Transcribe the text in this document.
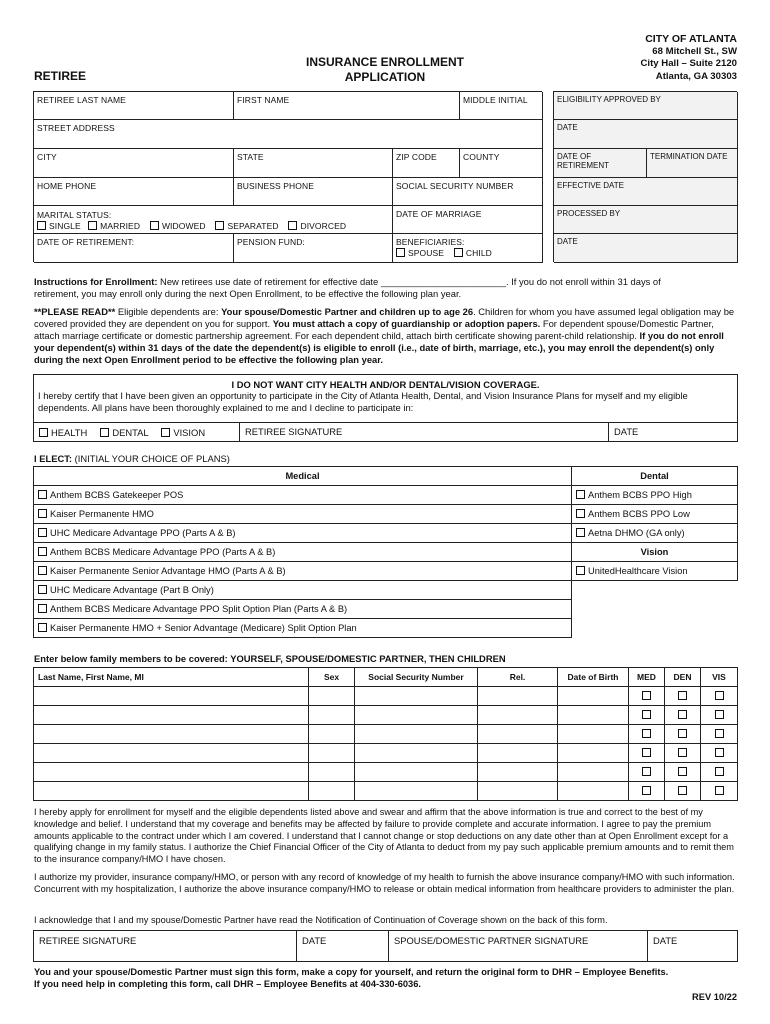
RETIREE
INSURANCE ENROLLMENT
APPLICATION
CITY OF ATLANTA
68 Mitchell St., SW
City Hall – Suite 2120
Atlanta, GA 30303
RETIREE LAST NAME	FIRST NAME	MIDDLE INITIAL
STREET ADDRESS
CITY	STATE	ZIP CODE	COUNTY
HOME PHONE	BUSINESS PHONE	SOCIAL SECURITY NUMBER
MARITAL STATUS:
SINGLE MARRIED	WIDOWED	SEPARATED	DIVORCED
DATE OF MARRIAGE
DATE OF RETIREMENT:	PENSION FUND:	BENEFICIARIES:
SPOUSE	CHILD
ELIGIBILITY APPROVED BY
DATE
DATE OF RETIREMENT
TERMINATION DATE
EFFECTIVE DATE
PROCESSED BY
DATE
Instructions for Enrollment: New retirees use date of retirement for effective date ________________________. If you do not enroll within 31 days of
retirement, you may enroll only during the next Open Enrollment, to be effective the following plan year.
**PLEASE READ** Eligible dependents are: Your spouse/Domestic Partner and children up to age 26. Children for whom you have assumed legal obligation may be covered provided they are dependent on you for support. You must attach a copy of guardianship or adoption papers. For dependent spouse/Domestic Partner, attach marriage certificate or domestic partnership agreement. For each dependent child, attach birth certificate showing parent-child relationship. If you do not enroll your dependent(s) within 31 days of the date the dependent(s) is eligible to enroll (i.e., date of birth, marriage, etc.), you may enroll the dependent(s) only during the next Open Enrollment period to be effective the following plan year.
I DO NOT WANT CITY HEALTH AND/OR DENTAL/VISION COVERAGE.
I hereby certify that I have been given an opportunity to participate in the City of Atlanta Health, Dental, and Vision Insurance Plans for myself and my eligible dependents. All plans have been thoroughly explained to me and I decline to participate in:
HEALTH	DENTAL	VISION	RETIREE SIGNATURE	DATE
I ELECT: (INITIAL YOUR CHOICE OF PLANS)
Medical	Dental
Anthem BCBS Gatekeeper POS	Anthem BCBS PPO High
Kaiser Permanente HMO	Anthem BCBS PPO Low
UHC Medicare Advantage PPO (Parts A & B)	Aetna DHMO (GA only)
Anthem BCBS Medicare Advantage PPO (Parts A & B)	Vision
Kaiser Permanente Senior Advantage HMO (Parts A & B)	UnitedHealthcare Vision
UHC Medicare Advantage (Part B Only)	
Anthem BCBS Medicare Advantage PPO Split Option Plan (Parts A & B)	
Kaiser Permanente HMO + Senior Advantage (Medicare) Split Option Plan	
Enter below family members to be covered: YOURSELF, SPOUSE/DOMESTIC PARTNER, THEN CHILDREN
Last Name, First Name, MI	Sex	Social Security Number	Rel.	Date of Birth	MED	DEN	VIS

I hereby apply for enrollment for myself and the eligible dependents listed above and swear and affirm that the above information is true and correct to the best of my knowledge and belief. I understand that my coverage and benefits may be affected by failure to provide complete and accurate information. I agree to pay the premium amounts applicable to the contract under which I am covered. I understand that I cannot change or stop deductions on any date other than at Open Enrollment except for a qualifying change in my family status. I authorize the Chief Financial Officer of the City of Atlanta to deduct from my pay such applicable premium amounts and to remit them to the insurance company/HMO I have chosen.
I authorize my provider, insurance company/HMO, or person with any record of knowledge of my health to furnish the above insurance company/HMO with such information. Concurrent with my hospitalization, I authorize the above insurance company/HMO to release or obtain medical information from healthcare providers to administer the plan.
I acknowledge that I and my spouse/Domestic Partner have read the Notification of Continuation of Coverage shown on the back of this form.
RETIREE SIGNATURE	DATE	SPOUSE/DOMESTIC PARTNER SIGNATURE	DATE
You and your spouse/Domestic Partner must sign this form, make a copy for yourself, and return the original form to DHR – Employee Benefits.
If you need help in completing this form, call DHR – Employee Benefits at 404-330-6036.
REV 10/22
